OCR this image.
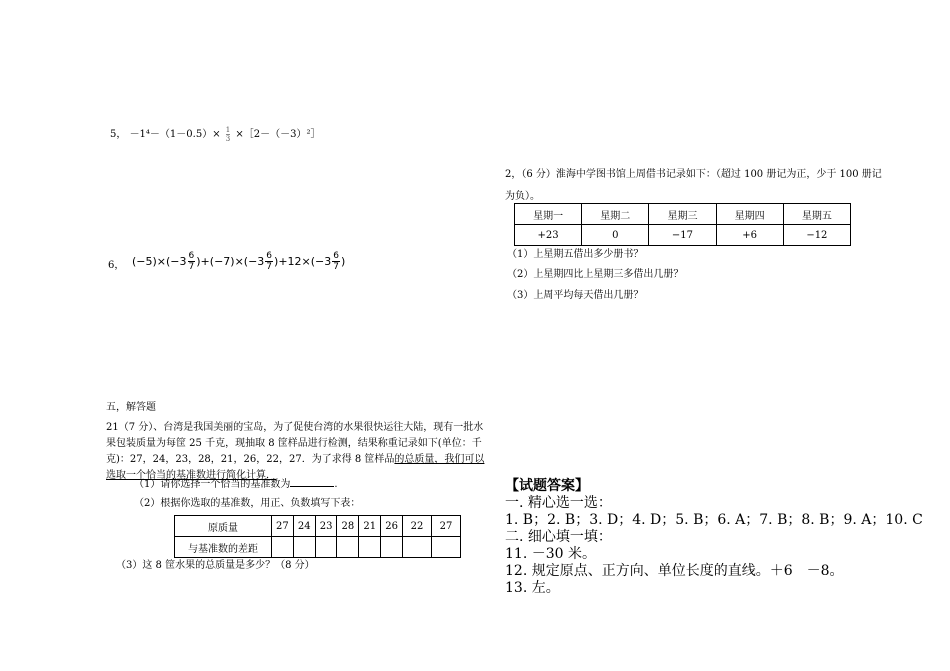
5， $-1^4-(1-0.5)\times \frac{1}{3}$ ×［2－（－3）²］
6， $(-5)\times(-3 \frac{6}{7} )+(-7)\times(-3 \frac{6}{7} )+12\times(-3 \frac{6}{7}$ )
五，解答题
21（7 分）、台湾是我国美丽的宝岛，为了促使台湾的水果很快运往大陆，现有一批水果包装质量为每筐 25 千克，现抽取 8 筐样品进行检测，结果称重记录如下(单位：千克)：27，24，23，28，21，26，22，27．为了求得 8 筐样品的总质量，我们可以选取一个恰当的基准数进行简化计算．
（1）请你选择一个恰当的基准数为	.
（2）根据你选取的基准数，用正、负数填写下表：
原质量	27	24	23	28	21	26	22	27
与基准数的差距								
（3）这 8 筐水果的总质量是多少？（8 分）
2，（6 分）淮海中学图书馆上周借书记录如下：（超过 100 册记为正，少于 100 册记为负）。
星期一	星期二	星期三	星期四	星期五
+23	0	−17	+6	−12
（1）上星期五借出多少册书？
（2）上星期四比上星期三多借出几册？
（3）上周平均每天借出几册？
【试题答案】
一. 精心选一选：
1. B；2. B；3. D；4. D；5. B；6. A；7. B；8. B；9. A；10. C
二. 细心填一填：
11. －30 米。
12. 规定原点、正方向、单位长度的直线。＋6　－8。
13. 左。
